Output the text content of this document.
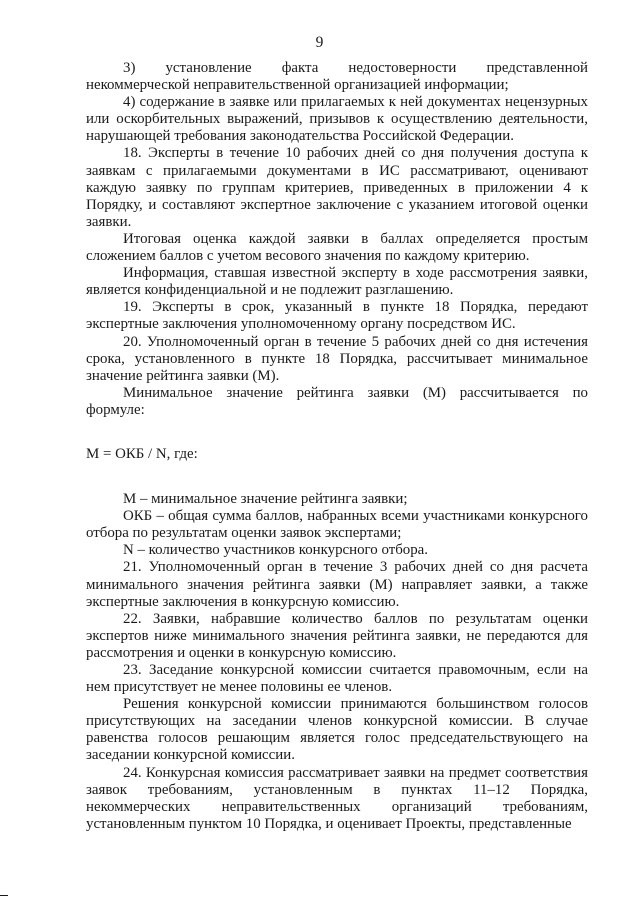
9

3) установление факта недостоверности представленной некоммерческой неправительственной организацией информации;

4) содержание в заявке или прилагаемых к ней документах нецензурных или оскорбительных выражений, призывов к осуществлению деятельности, нарушающей требования законодательства Российской Федерации.

18. Эксперты в течение 10 рабочих дней со дня получения доступа к заявкам с прилагаемыми документами в ИС рассматривают, оценивают каждую заявку по группам критериев, приведенных в приложении 4 к Порядку, и составляют экспертное заключение с указанием итоговой оценки заявки.

Итоговая оценка каждой заявки в баллах определяется простым сложением баллов с учетом весового значения по каждому критерию.

Информация, ставшая известной эксперту в ходе рассмотрения заявки, является конфиденциальной и не подлежит разглашению.

19. Эксперты в срок, указанный в пункте 18 Порядка, передают экспертные заключения уполномоченному органу посредством ИС.

20. Уполномоченный орган в течение 5 рабочих дней со дня истечения срока, установленного в пункте 18 Порядка, рассчитывает минимальное значение рейтинга заявки (М).

Минимальное значение рейтинга заявки (М) рассчитывается по формуле:

М = ОКБ / N, где:

М – минимальное значение рейтинга заявки;

ОКБ – общая сумма баллов, набранных всеми участниками конкурсного отбора по результатам оценки заявок экспертами;

N – количество участников конкурсного отбора.

21. Уполномоченный орган в течение 3 рабочих дней со дня расчета минимального значения рейтинга заявки (М) направляет заявки, а также экспертные заключения в конкурсную комиссию.

22. Заявки, набравшие количество баллов по результатам оценки экспертов ниже минимального значения рейтинга заявки, не передаются для рассмотрения и оценки в конкурсную комиссию.

23. Заседание конкурсной комиссии считается правомочным, если на нем присутствует не менее половины ее членов.

Решения конкурсной комиссии принимаются большинством голосов присутствующих на заседании членов конкурсной комиссии. В случае равенства голосов решающим является голос председательствующего на заседании конкурсной комиссии.

24. Конкурсная комиссия рассматривает заявки на предмет соответствия заявок требованиям, установленным в пунктах 11–12 Порядка, некоммерческих неправительственных организаций требованиям, установленным пунктом 10 Порядка, и оценивает Проекты, представленные
